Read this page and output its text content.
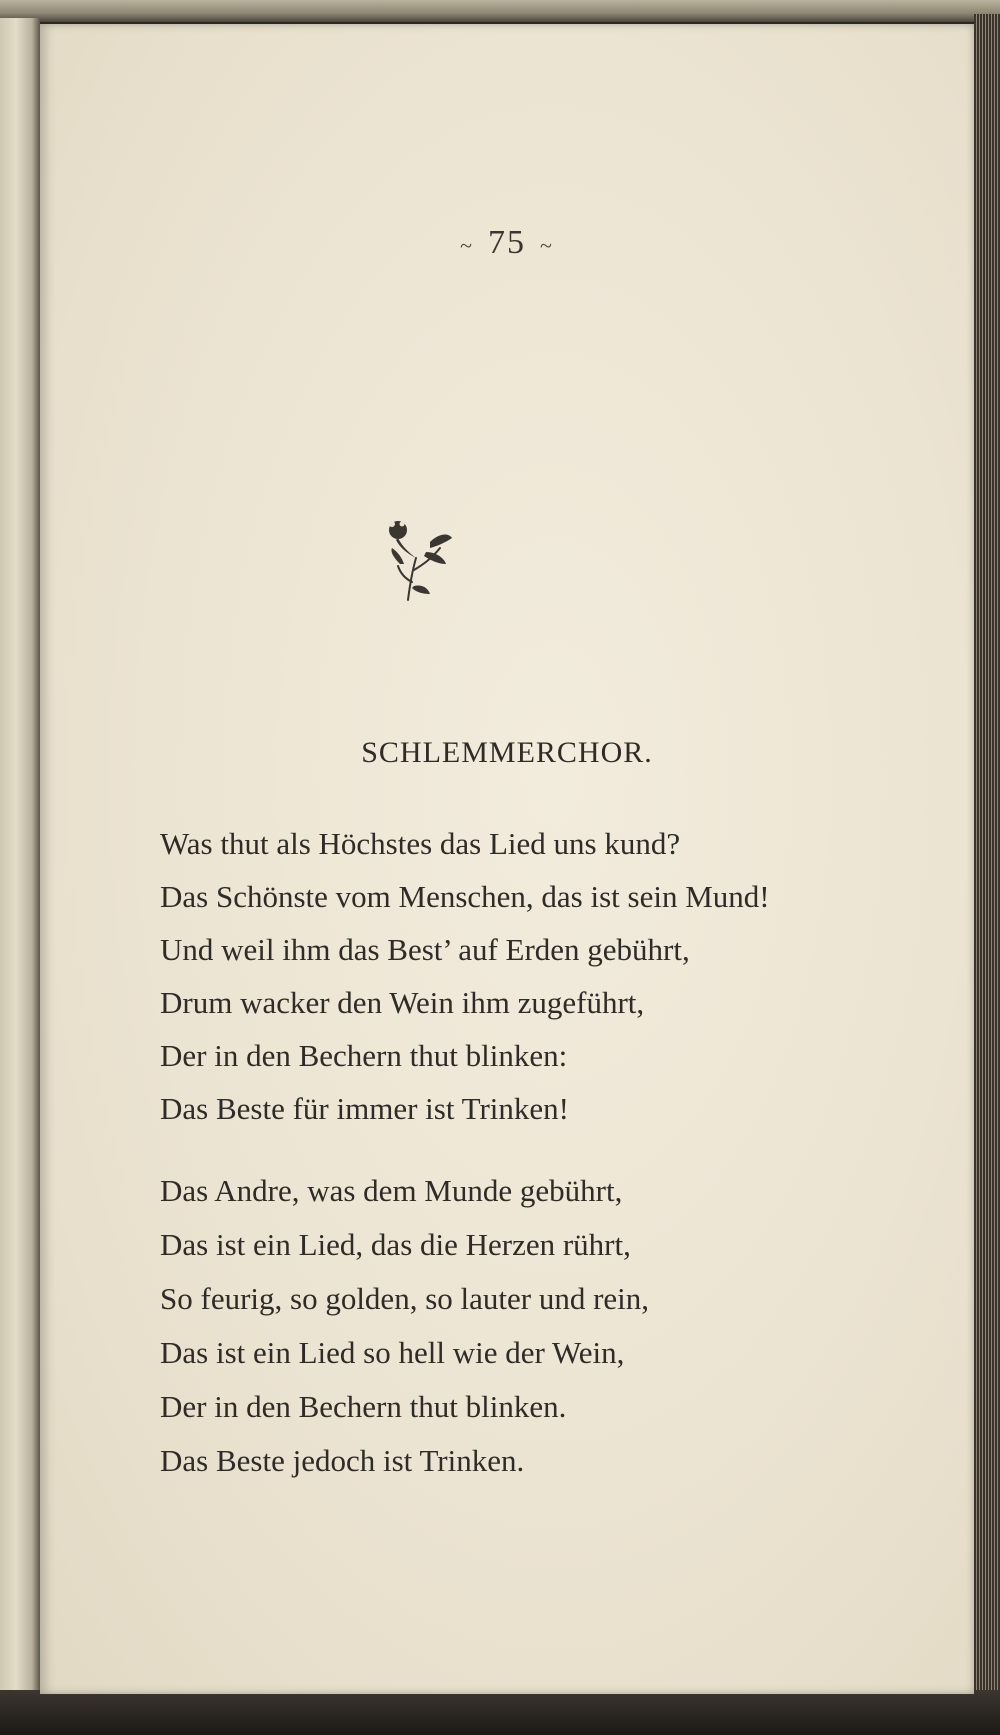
~ 75 ~
SCHLEMMERCHOR.
Was thut als Höchstes das Lied uns kund?
Das Schönste vom Menschen, das ist sein Mund!
Und weil ihm das Best’ auf Erden gebührt,
Drum wacker den Wein ihm zugeführt,
Der in den Bechern thut blinken:
Das Beste für immer ist Trinken!
Das Andre, was dem Munde gebührt,
Das ist ein Lied, das die Herzen rührt,
So feurig, so golden, so lauter und rein,
Das ist ein Lied so hell wie der Wein,
Der in den Bechern thut blinken.
Das Beste jedoch ist Trinken.
